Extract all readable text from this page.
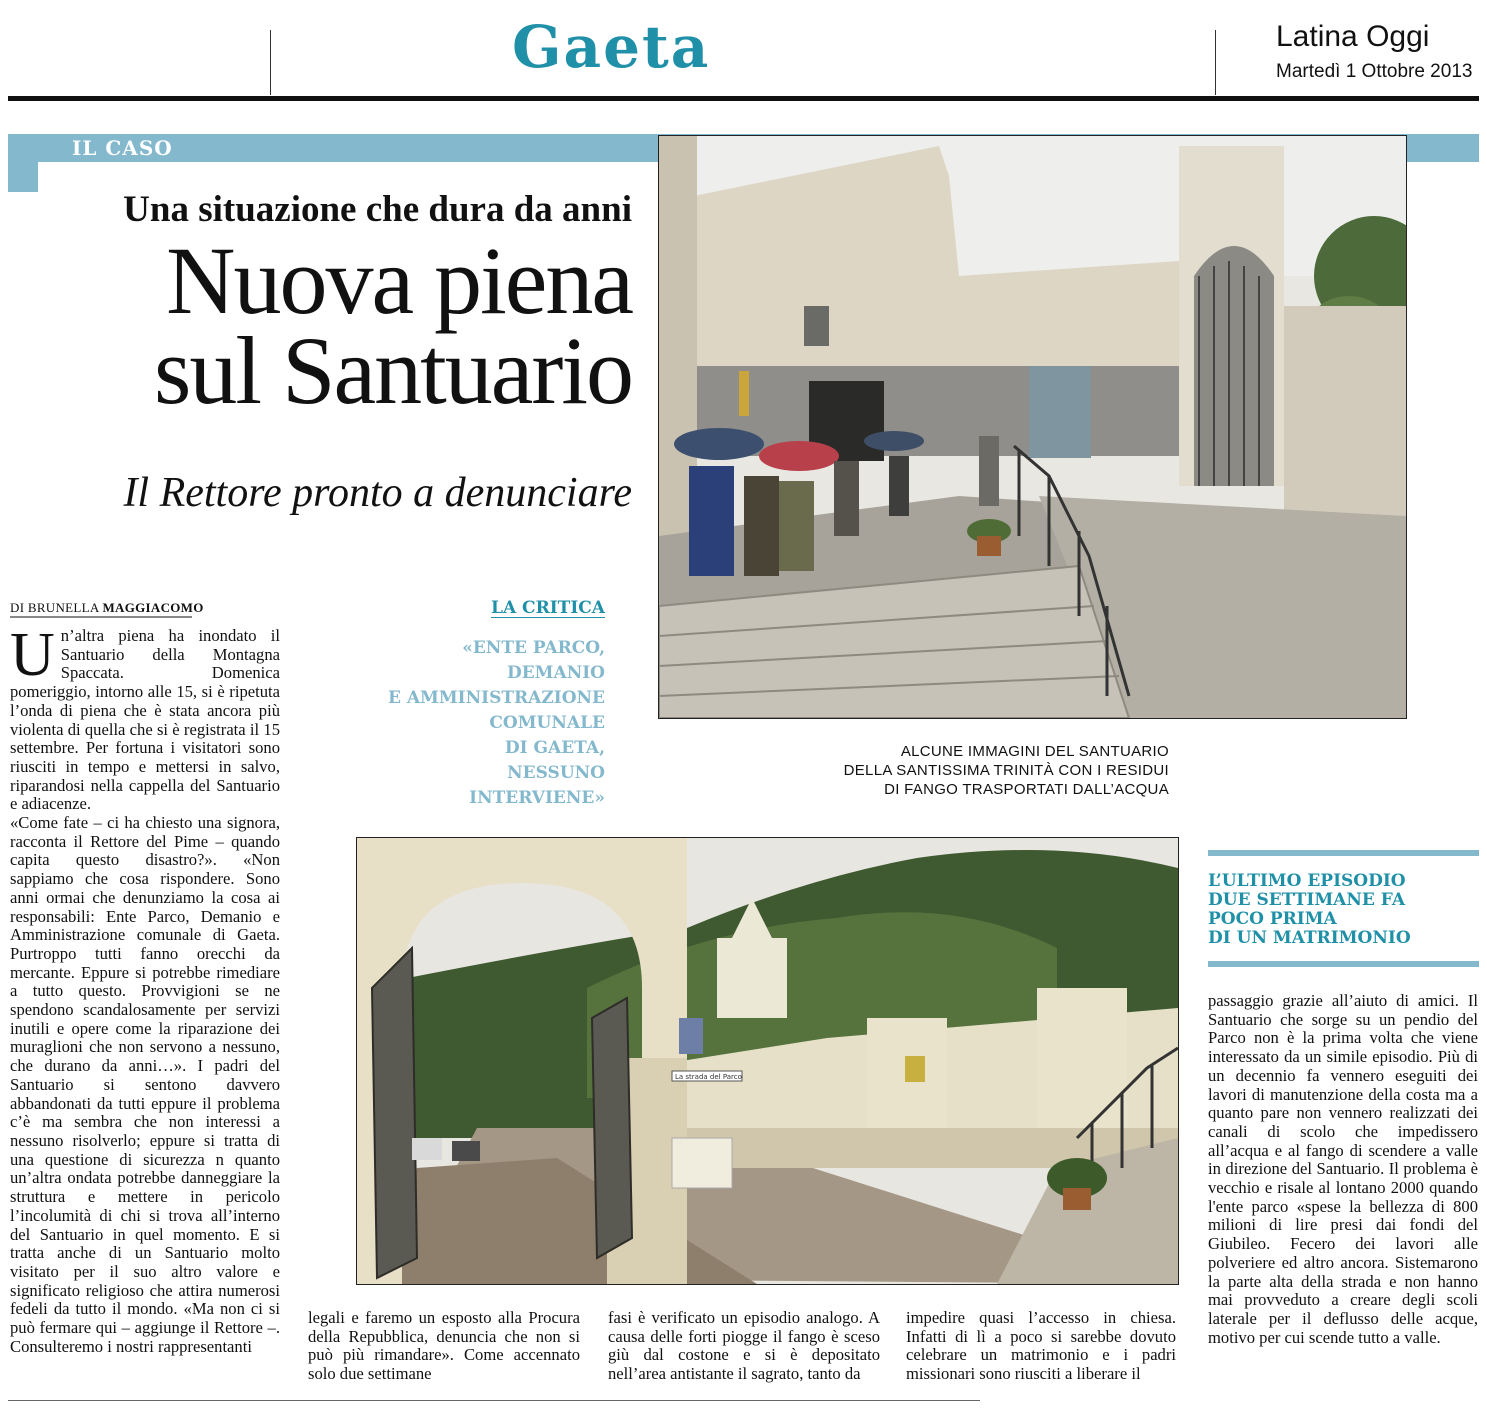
Gaeta	Latina Oggi
Martedì 1 Ottobre 2013
IL CASO
Una situazione che dura da anni
Nuova piena
sul Santuario
Il Rettore pronto a denunciare
ALCUNE IMMAGINI DEL SANTUARIO
DELLA SANTISSIMA TRINITÀ CON I RESIDUI
DI FANGO TRASPORTATI DALL’ACQUA
DI BRUNELLA MAGGIACOMO

Un’altra piena ha inondato il Santuario della Montagna Spaccata. Domenica pomeriggio, intorno alle 15, si è ripetuta l’onda di piena che è stata ancora più violenta di quella che si è registrata il 15 settembre. Per fortuna i visitatori sono riusciti in tempo e mettersi in salvo, riparandosi nella cappella del Santuario e adiacenze.

«Come fate – ci ha chiesto una signora, racconta il Rettore del Pime – quando capita questo disastro?». «Non sappiamo che cosa rispondere. Sono anni ormai che denunziamo la cosa ai responsabili: Ente Parco, Demanio e Amministrazione comunale di Gaeta. Purtroppo tutti fanno orecchi da mercante. Eppure si potrebbe rimediare a tutto questo. Provvigioni se ne spendono scandalosamente per servizi inutili e opere come la riparazione dei muraglioni che non servono a nessuno, che durano da anni…». I padri del Santuario si sentono davvero abbandonati da tutti eppure il problema c’è ma sembra che non interessi a nessuno risolverlo; eppure si tratta di una questione di sicurezza n quanto un’altra ondata potrebbe danneggiare la struttura e mettere in pericolo l’incolumità di chi si trova all’interno del Santuario in quel momento. E si tratta anche di un Santuario molto visitato per il suo altro valore e significato religioso che attira numerosi fedeli da tutto il mondo. «Ma non ci si può fermare qui – aggiunge il Rettore –. Consulteremo i nostri rappresentanti

LA CRITICA
«ENTE PARCO,
DEMANIO
E AMMINISTRAZIONE
COMUNALE
DI GAETA,
NESSUNO
INTERVIENE»
La strada del Parco
legali e faremo un esposto alla Procura della Repubblica, denuncia che non si può più rimandare». Come accennato solo due settimane
fasi è verificato un episodio analogo. A causa delle forti piogge il fango è sceso giù dal costone e si è depositato nell’area antistante il sagrato, tanto da
impedire quasi l’accesso in chiesa. Infatti di lì a poco si sarebbe dovuto celebrare un matrimonio e i padri missionari sono riusciti a liberare il
L’ULTIMO EPISODIO
DUE SETTIMANE FA
POCO PRIMA
DI UN MATRIMONIO
passaggio grazie all’aiuto di amici. Il Santuario che sorge su un pendio del Parco non è la prima volta che viene interessato da un simile episodio. Più di un decennio fa vennero eseguiti dei lavori di manutenzione della costa ma a quanto pare non vennero realizzati dei canali di scolo che impedissero all’acqua e al fango di scendere a valle in direzione del Santuario. Il problema è vecchio e risale al lontano 2000 quando l'ente parco «spese la bellezza di 800 milioni di lire presi dai fondi del Giubileo. Fecero dei lavori alle polveriere ed altro ancora. Sistemarono la parte alta della strada e non hanno mai provveduto a creare degli scoli laterale per il deflusso delle acque, motivo per cui scende tutto a valle.
